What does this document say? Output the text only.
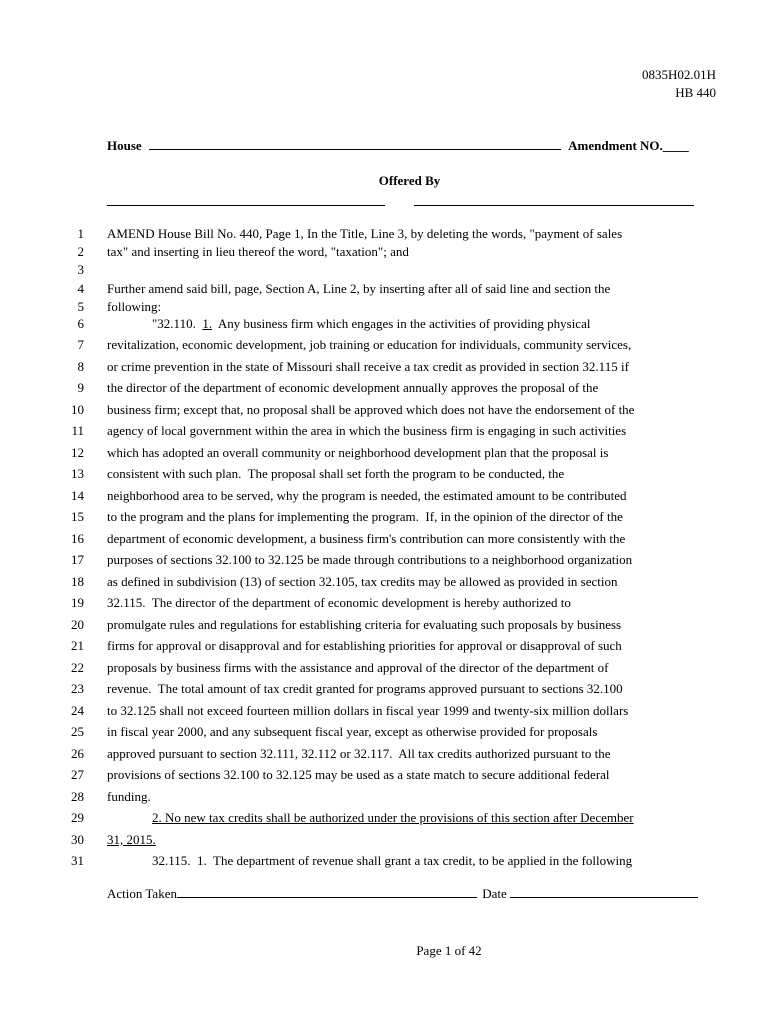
0835H02.01H
HB 440
House	Amendment NO.____
Offered By
1 AMEND House Bill No. 440, Page 1, In the Title, Line 3, by deleting the words, "payment of sales
2 tax" and inserting in lieu thereof the word, "taxation"; and
3
4 Further amend said bill, page, Section A, Line 2, by inserting after all of said line and section the
5 following:
6	"32.110.  1.  Any business firm which engages in the activities of providing physical
7 revitalization, economic development, job training or education for individuals, community services,
8 or crime prevention in the state of Missouri shall receive a tax credit as provided in section 32.115 if
9 the director of the department of economic development annually approves the proposal of the
10 business firm; except that, no proposal shall be approved which does not have the endorsement of the
11 agency of local government within the area in which the business firm is engaging in such activities
12 which has adopted an overall community or neighborhood development plan that the proposal is
13 consistent with such plan.  The proposal shall set forth the program to be conducted, the
14 neighborhood area to be served, why the program is needed, the estimated amount to be contributed
15 to the program and the plans for implementing the program.  If, in the opinion of the director of the
16 department of economic development, a business firm's contribution can more consistently with the
17 purposes of sections 32.100 to 32.125 be made through contributions to a neighborhood organization
18 as defined in subdivision (13) of section 32.105, tax credits may be allowed as provided in section
19 32.115.  The director of the department of economic development is hereby authorized to
20 promulgate rules and regulations for establishing criteria for evaluating such proposals by business
21 firms for approval or disapproval and for establishing priorities for approval or disapproval of such
22 proposals by business firms with the assistance and approval of the director of the department of
23 revenue.  The total amount of tax credit granted for programs approved pursuant to sections 32.100
24 to 32.125 shall not exceed fourteen million dollars in fiscal year 1999 and twenty-six million dollars
25 in fiscal year 2000, and any subsequent fiscal year, except as otherwise provided for proposals
26 approved pursuant to section 32.111, 32.112 or 32.117.  All tax credits authorized pursuant to the
27 provisions of sections 32.100 to 32.125 may be used as a state match to secure additional federal
28 funding.
29	2. No new tax credits shall be authorized under the provisions of this section after December
30 31, 2015.
31	32.115.  1.  The department of revenue shall grant a tax credit, to be applied in the following
Action Taken	Date
Page 1 of 42
